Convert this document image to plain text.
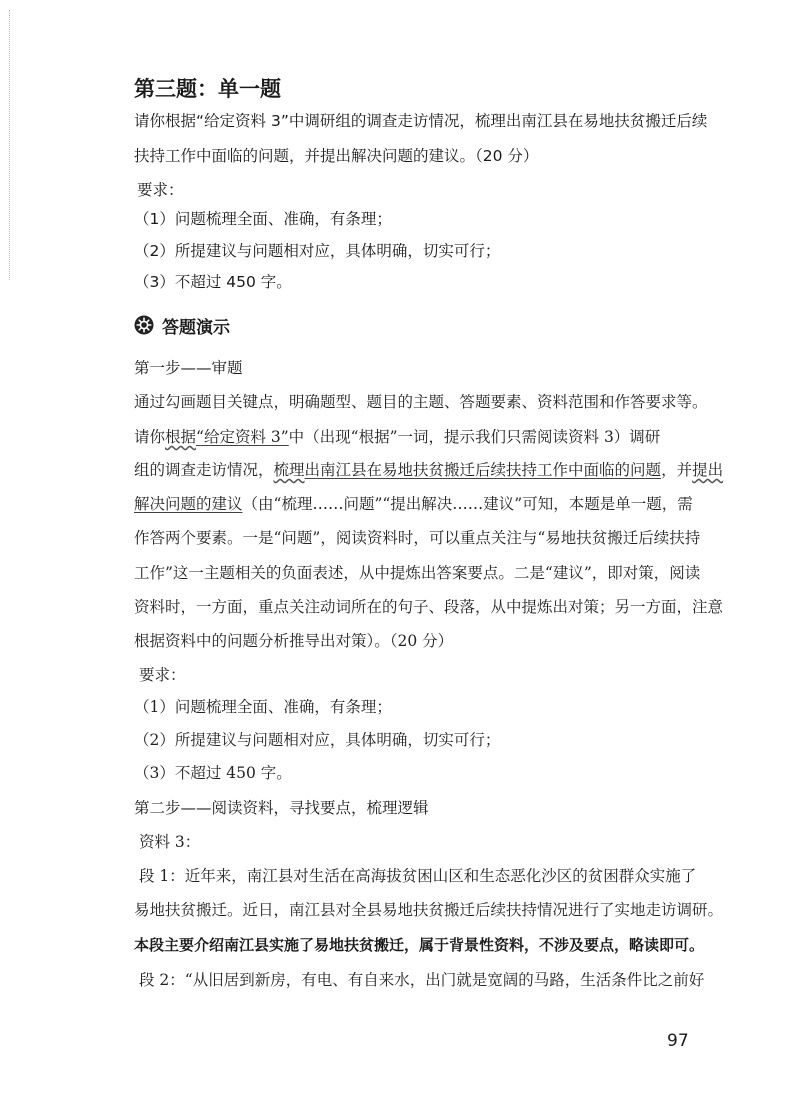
第三题：单一题
请你根据“给定资料 3”中调研组的调查走访情况，梳理出南江县在易地扶贫搬迁后续
扶持工作中面临的问题，并提出解决问题的建议。（20 分）
要求：
（1）问题梳理全面、准确，有条理；
（2）所提建议与问题相对应，具体明确，切实可行；
（3）不超过 450 字。
答题演示
第一步——审题
通过勾画题目关键点，明确题型、题目的主题、答题要素、资料范围和作答要求等。
请你根据“给定资料 3”中（出现“根据”一词，提示我们只需阅读资料 3）调研
组的调查走访情况，梳理出南江县在易地扶贫搬迁后续扶持工作中面临的问题，并提出
解决问题的建议（由“梳理……问题”“提出解决……建议”可知，本题是单一题，需
作答两个要素。一是“问题”，阅读资料时，可以重点关注与“易地扶贫搬迁后续扶持
工作”这一主题相关的负面表述，从中提炼出答案要点。二是“建议”，即对策，阅读
资料时，一方面，重点关注动词所在的句子、段落，从中提炼出对策；另一方面，注意
根据资料中的问题分析推导出对策）。（20 分）
要求：
（1）问题梳理全面、准确，有条理；
（2）所提建议与问题相对应，具体明确，切实可行；
（3）不超过 450 字。
第二步——阅读资料，寻找要点，梳理逻辑
资料 3：
段 1：近年来，南江县对生活在高海拔贫困山区和生态恶化沙区的贫困群众实施了
易地扶贫搬迁。近日，南江县对全县易地扶贫搬迁后续扶持情况进行了实地走访调研。
本段主要介绍南江县实施了易地扶贫搬迁，属于背景性资料，不涉及要点，略读即可。
段 2：“从旧居到新房，有电、有自来水，出门就是宽阔的马路，生活条件比之前好
97
